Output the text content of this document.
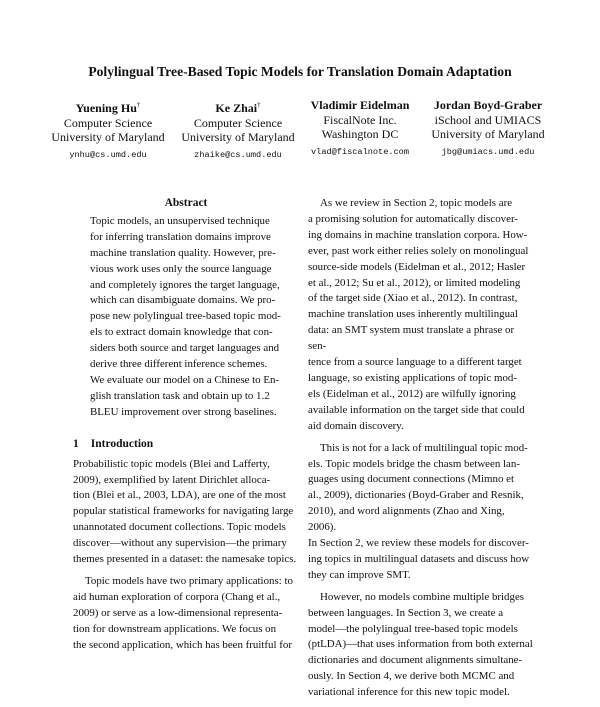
Polylingual Tree-Based Topic Models for Translation Domain Adaptation
Yuening Hu†
Computer Science
University of Maryland
ynhu@cs.umd.edu
Ke Zhai†
Computer Science
University of Maryland
zhaike@cs.umd.edu
Vladimir Eidelman
FiscalNote Inc.
Washington DC
vlad@fiscalnote.com
Jordan Boyd-Graber
iSchool and UMIACS
University of Maryland
jbg@umiacs.umd.edu
Abstract
Topic models, an unsupervised technique
for inferring translation domains improve
machine translation quality. However, pre-
vious work uses only the source language
and completely ignores the target language,
which can disambiguate domains. We pro-
pose new polylingual tree-based topic mod-
els to extract domain knowledge that con-
siders both source and target languages and
derive three different inference schemes.
We evaluate our model on a Chinese to En-
glish translation task and obtain up to 1.2
BLEU improvement over strong baselines.
1 Introduction
Probabilistic topic models (Blei and Lafferty,
2009), exemplified by latent Dirichlet alloca-
tion (Blei et al., 2003, LDA), are one of the most
popular statistical frameworks for navigating large
unannotated document collections. Topic models
discover—without any supervision—the primary
themes presented in a dataset: the namesake topics.
Topic models have two primary applications: to
aid human exploration of corpora (Chang et al.,
2009) or serve as a low-dimensional representa-
tion for downstream applications. We focus on
the second application, which has been fruitful for
As we review in Section 2, topic models are
a promising solution for automatically discover-
ing domains in machine translation corpora. How-
ever, past work either relies solely on monolingual
source-side models (Eidelman et al., 2012; Hasler
et al., 2012; Su et al., 2012), or limited modeling
of the target side (Xiao et al., 2012). In contrast,
machine translation uses inherently multilingual
data: an SMT system must translate a phrase or sen-
tence from a source language to a different target
language, so existing applications of topic mod-
els (Eidelman et al., 2012) are wilfully ignoring
available information on the target side that could
aid domain discovery.
This is not for a lack of multilingual topic mod-
els. Topic models bridge the chasm between lan-
guages using document connections (Mimno et
al., 2009), dictionaries (Boyd-Graber and Resnik,
2010), and word alignments (Zhao and Xing, 2006).
In Section 2, we review these models for discover-
ing topics in multilingual datasets and discuss how
they can improve SMT.
However, no models combine multiple bridges
between languages. In Section 3, we create a
model—the polylingual tree-based topic models
(ptLDA)—that uses information from both external
dictionaries and document alignments simultane-
ously. In Section 4, we derive both MCMC and
variational inference for this new topic model.
